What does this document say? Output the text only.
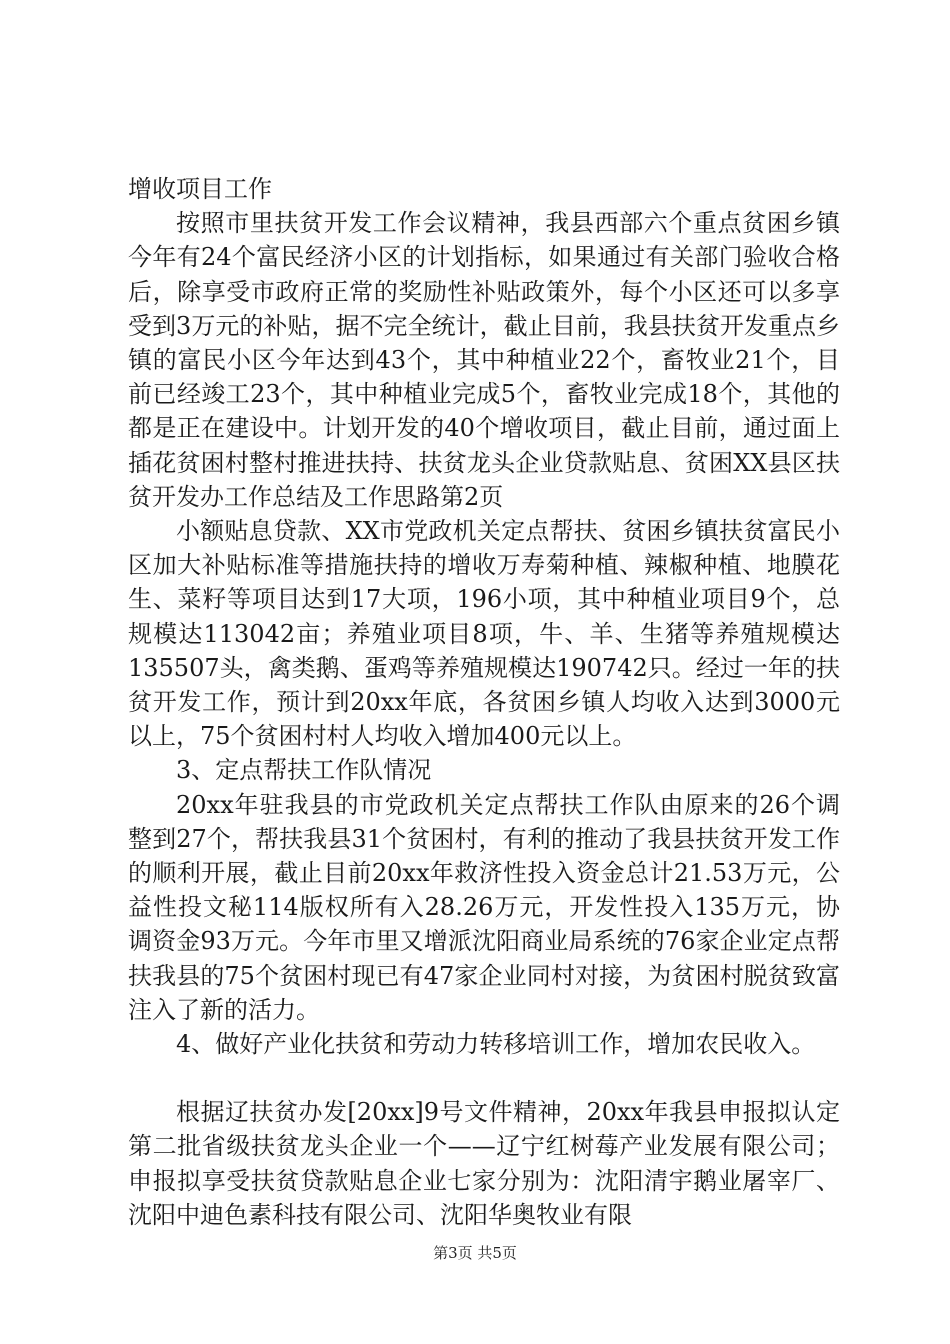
增收项目工作

按照市里扶贫开发工作会议精神，我县西部六个重点贫困乡镇今年有24个富民经济小区的计划指标，如果通过有关部门验收合格后，除享受市政府正常的奖励性补贴政策外，每个小区还可以多享受到3万元的补贴，据不完全统计，截止目前，我县扶贫开发重点乡镇的富民小区今年达到43个，其中种植业22个，畜牧业21个，目前已经竣工23个，其中种植业完成5个，畜牧业完成18个，其他的都是正在建设中。计划开发的40个增收项目，截止目前，通过面上插花贫困村整村推进扶持、扶贫龙头企业贷款贴息、贫困XX县区扶贫开发办工作总结及工作思路第2页

小额贴息贷款、XX市党政机关定点帮扶、贫困乡镇扶贫富民小区加大补贴标准等措施扶持的增收万寿菊种植、辣椒种植、地膜花生、菜籽等项目达到17大项，196小项，其中种植业项目9个，总规模达113042亩；养殖业项目8项，牛、羊、生猪等养殖规模达135507头，禽类鹅、蛋鸡等养殖规模达190742只。经过一年的扶贫开发工作，预计到20xx年底，各贫困乡镇人均收入达到3000元以上，75个贫困村村人均收入增加400元以上。

3、定点帮扶工作队情况

20xx年驻我县的市党政机关定点帮扶工作队由原来的26个调整到27个，帮扶我县31个贫困村，有利的推动了我县扶贫开发工作的顺利开展，截止目前20xx年救济性投入资金总计21.53万元，公益性投文秘114版权所有入28.26万元，开发性投入135万元，协调资金93万元。今年市里又增派沈阳商业局系统的76家企业定点帮扶我县的75个贫困村现已有47家企业同村对接，为贫困村脱贫致富注入了新的活力。

4、做好产业化扶贫和劳动力转移培训工作，增加农民收入。

根据辽扶贫办发[20xx]9号文件精神，20xx年我县申报拟认定第二批省级扶贫龙头企业一个——辽宁红树莓产业发展有限公司；申报拟享受扶贫贷款贴息企业七家分别为：沈阳清宇鹅业屠宰厂、沈阳中迪色素科技有限公司、沈阳华奥牧业有限

第3页 共5页
